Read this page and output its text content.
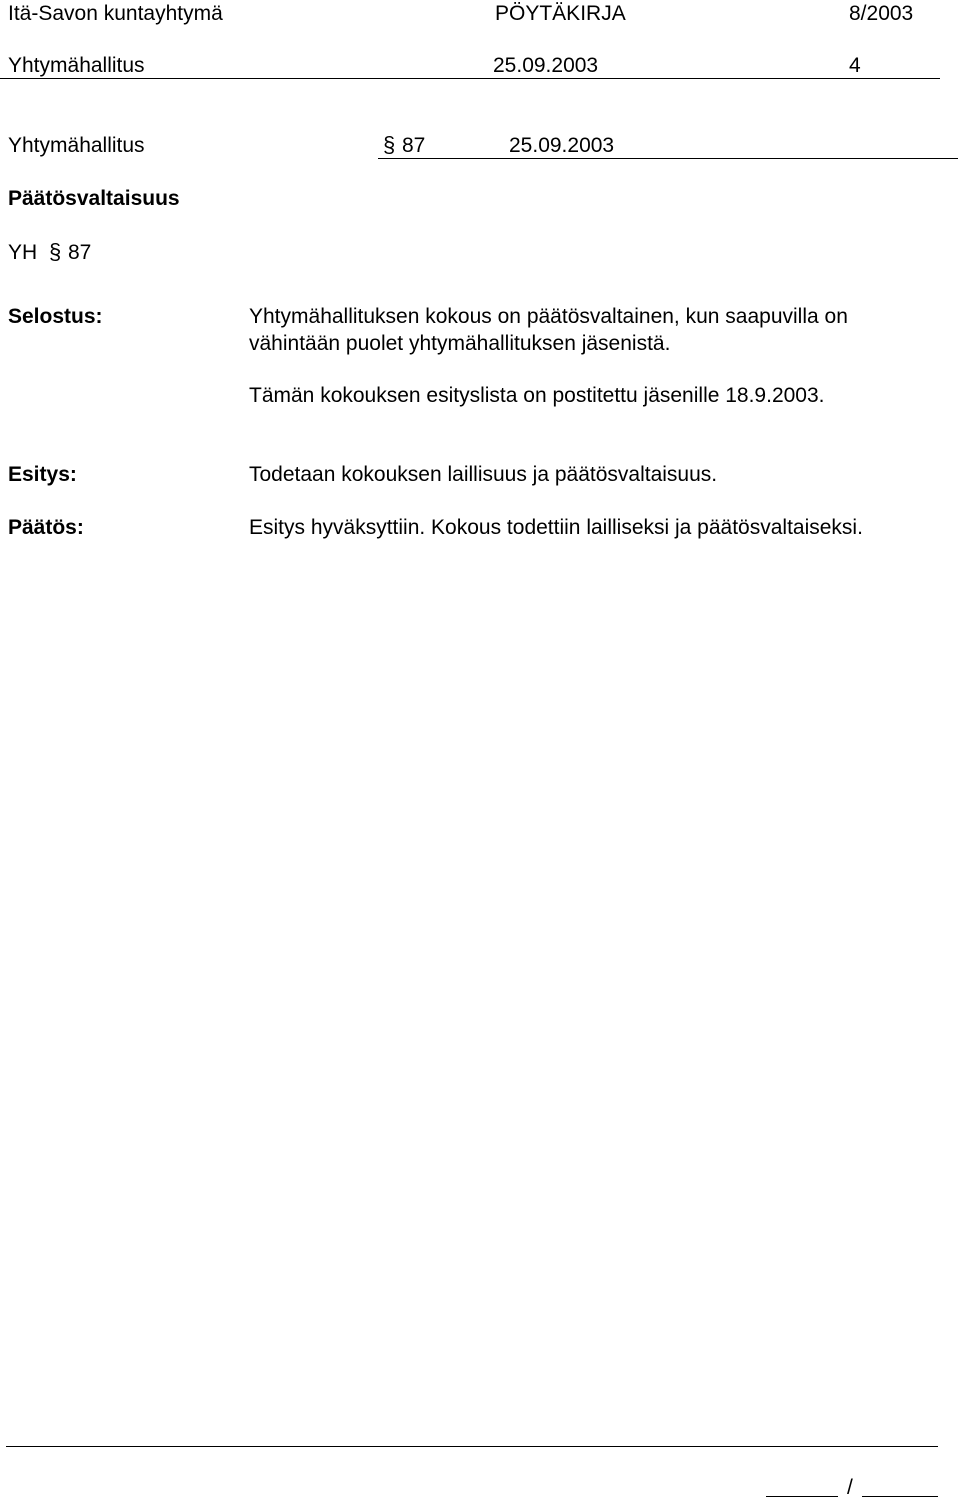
Itä-Savon kuntayhtymä	PÖYTÄKIRJA	8/2003
Yhtymähallitus	25.09.2003	4
Yhtymähallitus	§ 87	25.09.2003
Päätösvaltaisuus
YH § 87
Selostus:	Yhtymähallituksen kokous on päätösvaltainen, kun saapuvilla on
vähintään puolet yhtymähallituksen jäsenistä.
Tämän kokouksen esityslista on postitettu jäsenille 18.9.2003.
Esitys:	Todetaan kokouksen laillisuus ja päätösvaltaisuus.
Päätös:	Esitys hyväksyttiin. Kokous todettiin lailliseksi ja päätösvaltaiseksi.
/
